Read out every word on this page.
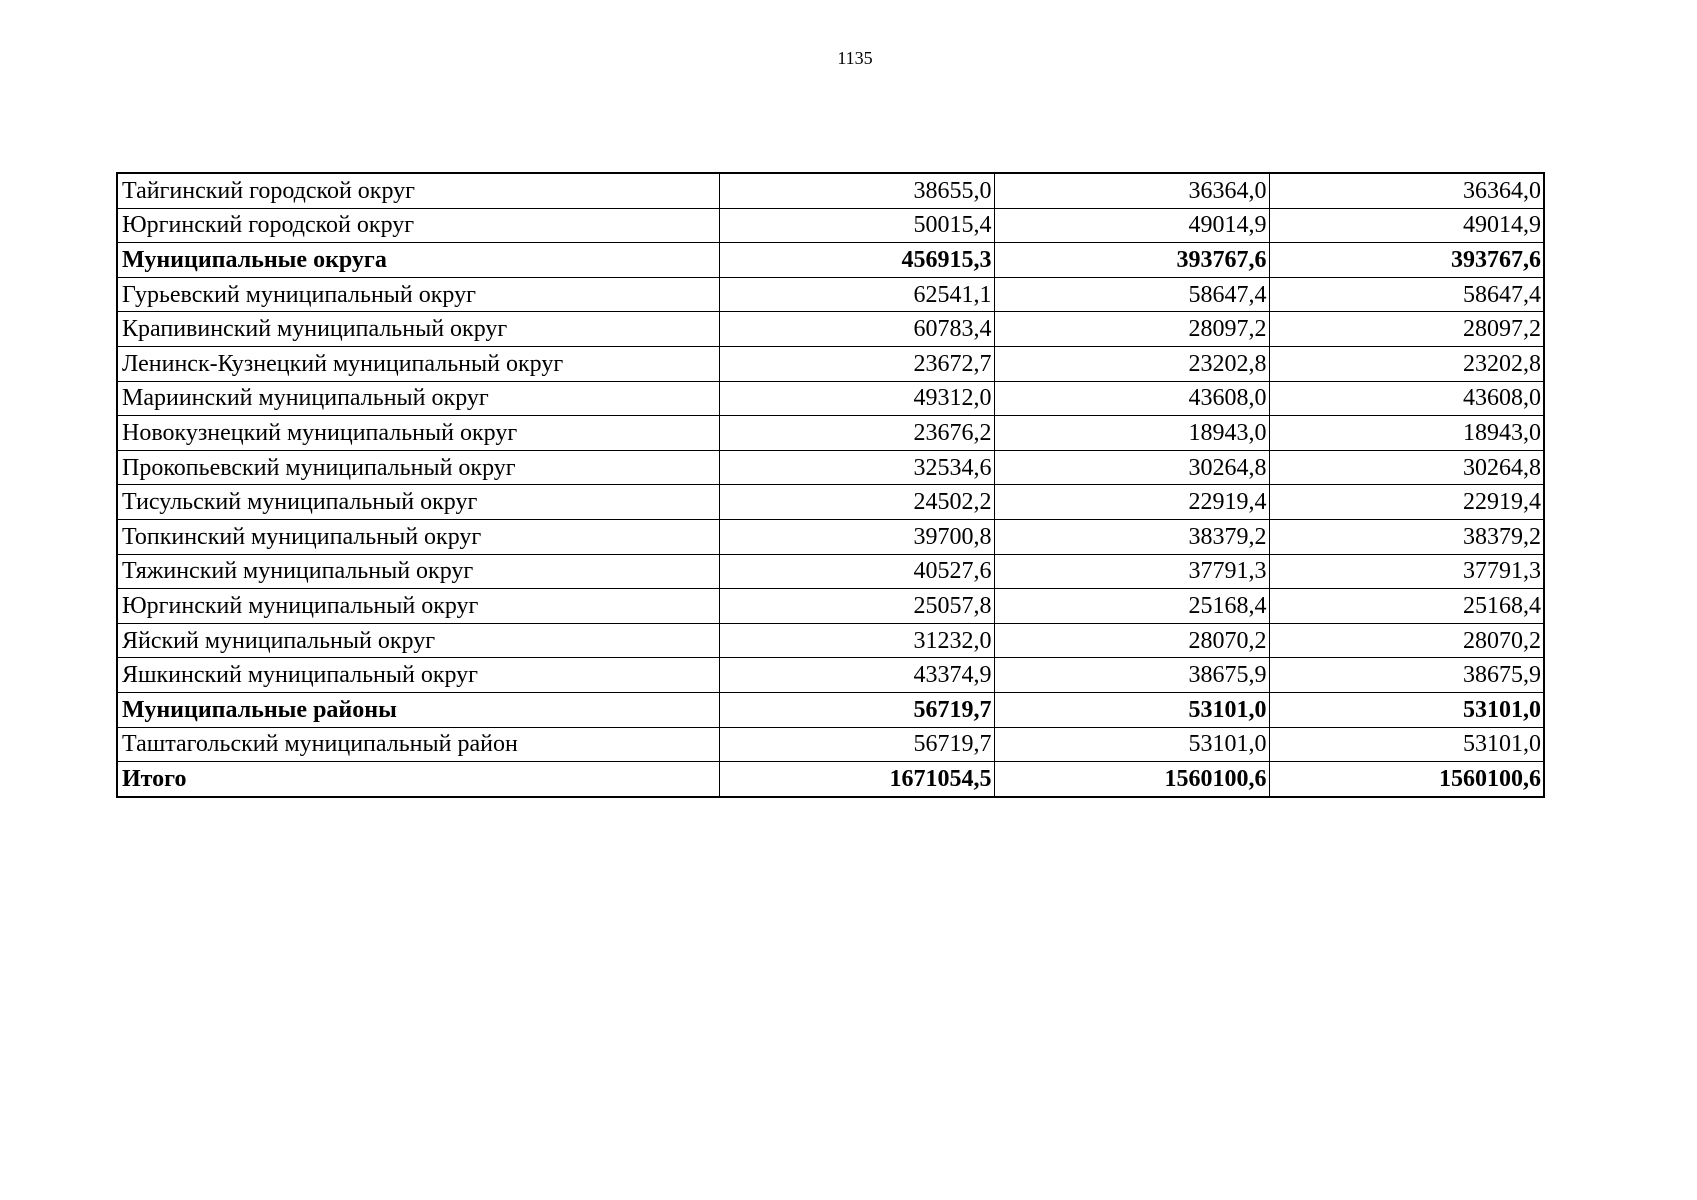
1135
Тайгинский городской округ	38655,0	36364,0	36364,0
Юргинский городской округ	50015,4	49014,9	49014,9
Муниципальные округа	456915,3	393767,6	393767,6
Гурьевский муниципальный округ	62541,1	58647,4	58647,4
Крапивинский муниципальный округ	60783,4	28097,2	28097,2
Ленинск-Кузнецкий муниципальный округ	23672,7	23202,8	23202,8
Мариинский муниципальный округ	49312,0	43608,0	43608,0
Новокузнецкий муниципальный округ	23676,2	18943,0	18943,0
Прокопьевский муниципальный округ	32534,6	30264,8	30264,8
Тисульский муниципальный округ	24502,2	22919,4	22919,4
Топкинский муниципальный округ	39700,8	38379,2	38379,2
Тяжинский муниципальный округ	40527,6	37791,3	37791,3
Юргинский муниципальный округ	25057,8	25168,4	25168,4
Яйский муниципальный округ	31232,0	28070,2	28070,2
Яшкинский муниципальный округ	43374,9	38675,9	38675,9
Муниципальные районы	56719,7	53101,0	53101,0
Таштагольский муниципальный район	56719,7	53101,0	53101,0
Итого	1671054,5	1560100,6	1560100,6
